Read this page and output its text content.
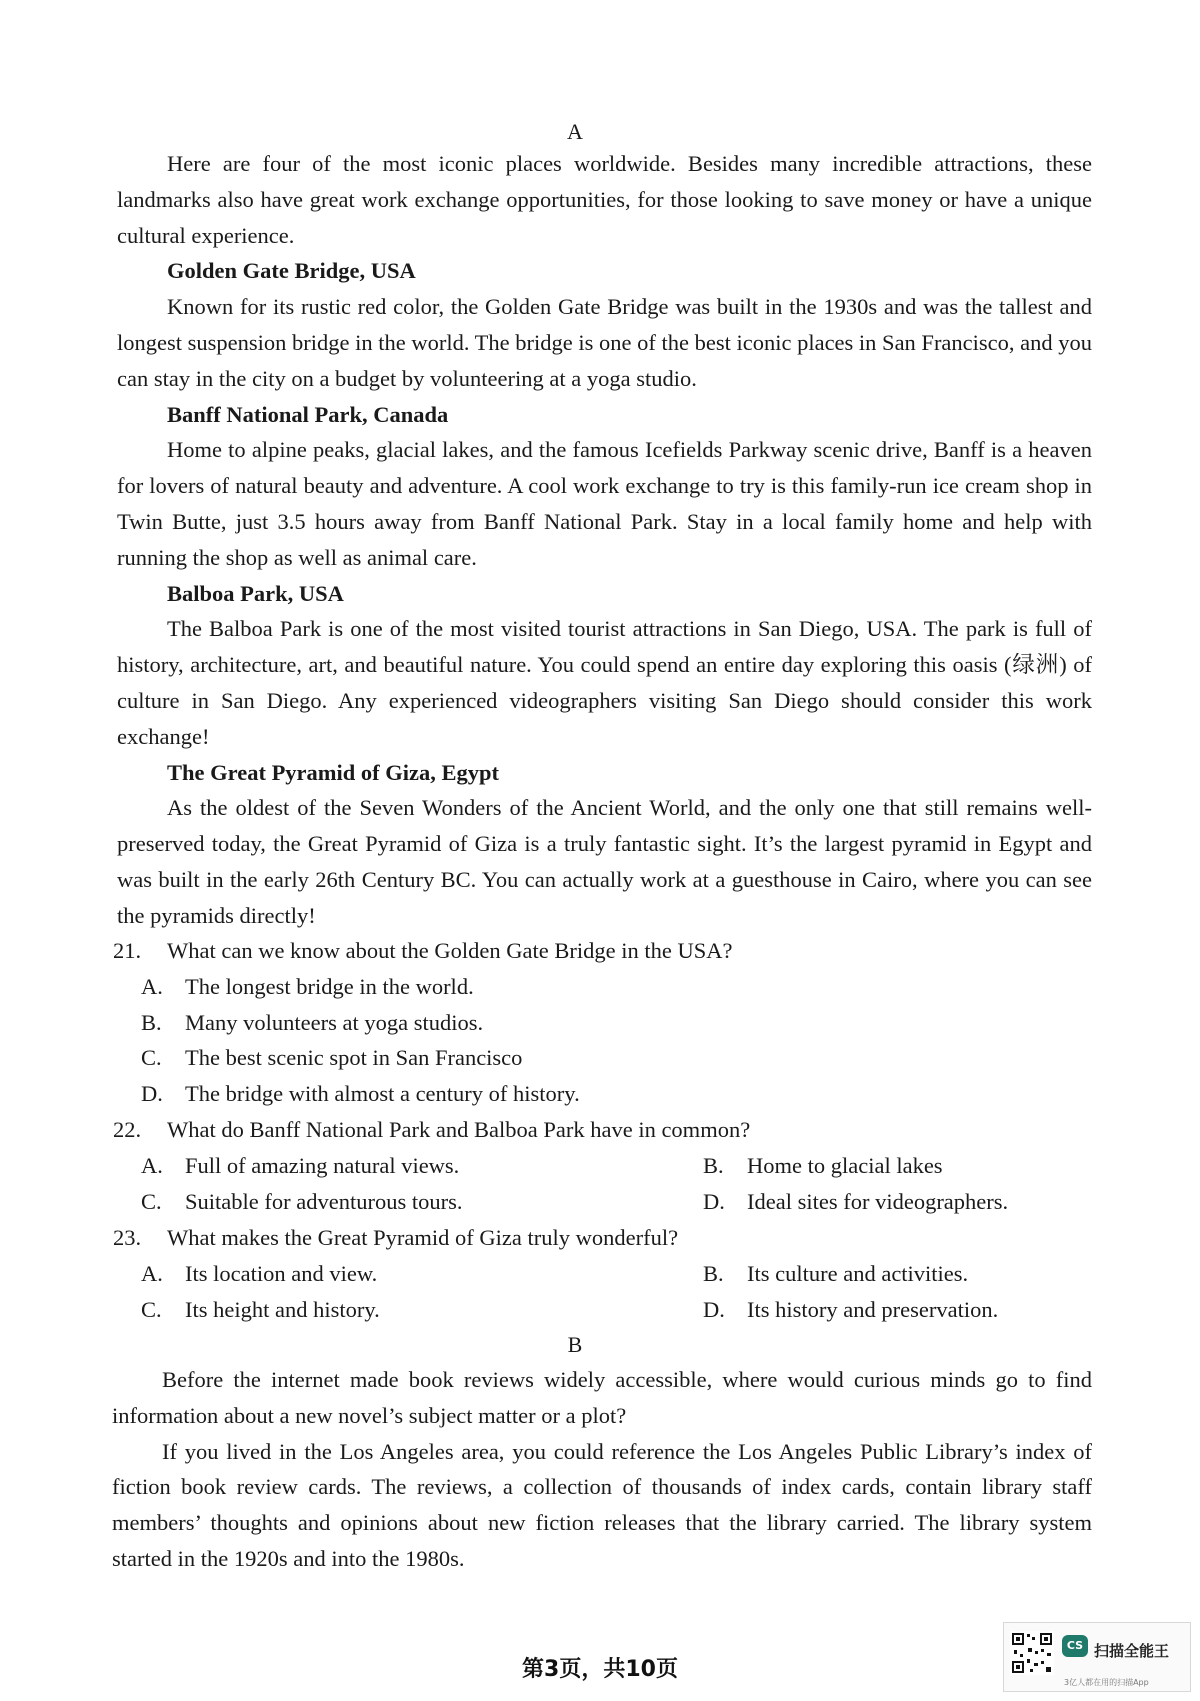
A

Here are four of the most iconic places worldwide. Besides many incredible attractions, these landmarks also have great work exchange opportunities, for those looking to save money or have a unique cultural experience.

Golden Gate Bridge, USA

Known for its rustic red color, the Golden Gate Bridge was built in the 1930s and was the tallest and longest suspension bridge in the world. The bridge is one of the best iconic places in San Francisco, and you can stay in the city on a budget by volunteering at a yoga studio.

Banff National Park, Canada

Home to alpine peaks, glacial lakes, and the famous Icefields Parkway scenic drive, Banff is a heaven for lovers of natural beauty and adventure. A cool work exchange to try is this family-run ice cream shop in Twin Butte, just 3.5 hours away from Banff National Park. Stay in a local family home and help with running the shop as well as animal care.

Balboa Park, USA

The Balboa Park is one of the most visited tourist attractions in San Diego, USA. The park is full of history, architecture, art, and beautiful nature. You could spend an entire day exploring this oasis (绿洲) of culture in San Diego. Any experienced videographers visiting San Diego should consider this work exchange!

The Great Pyramid of Giza, Egypt

As the oldest of the Seven Wonders of the Ancient World, and the only one that still remains well-preserved today, the Great Pyramid of Giza is a truly fantastic sight. It’s the largest pyramid in Egypt and was built in the early 26th Century BC. You can actually work at a guesthouse in Cairo, where you can see the pyramids directly!

21. What can we know about the Golden Gate Bridge in the USA?

A. The longest bridge in the world.
B. Many volunteers at yoga studios.
C. The best scenic spot in San Francisco
D. The bridge with almost a century of history.

22. What do Banff National Park and Balboa Park have in common?

A. Full of amazing natural views.	B. Home to glacial lakes
C. Suitable for adventurous tours.	D. Ideal sites for videographers.

23. What makes the Great Pyramid of Giza truly wonderful?

A. Its location and view.	B. Its culture and activities.
C. Its height and history.	D. Its history and preservation.
B

Before the internet made book reviews widely accessible, where would curious minds go to find information about a new novel’s subject matter or a plot?

If you lived in the Los Angeles area, you could reference the Los Angeles Public Library’s index of fiction book review cards. The reviews, a collection of thousands of index cards, contain library staff members’ thoughts and opinions about new fiction releases that the library carried. The library system started in the 1920s and into the 1980s.

第3页，共10页
CS 扫描全能王
3亿人都在用的扫描App
